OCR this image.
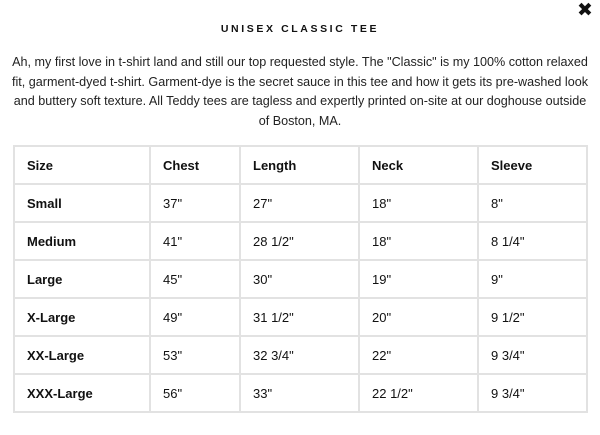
✖
UNISEX CLASSIC TEE
Ah, my first love in t-shirt land and still our top requested style. The "Classic" is my 100% cotton relaxed fit, garment-dyed t-shirt. Garment-dye is the secret sauce in this tee and how it gets its pre-washed look and buttery soft texture. All Teddy tees are tagless and expertly printed on-site at our doghouse outside of Boston, MA.
Size	Chest	Length	Neck	Sleeve
Small	37"	27"	18"	8"
Medium	41"	28 1/2"	18"	8 1/4"
Large	45"	30"	19"	9"
X-Large	49"	31 1/2"	20"	9 1/2"
XX-Large	53"	32 3/4"	22"	9 3/4"
XXX-Large	56"	33"	22 1/2"	9 3/4"
